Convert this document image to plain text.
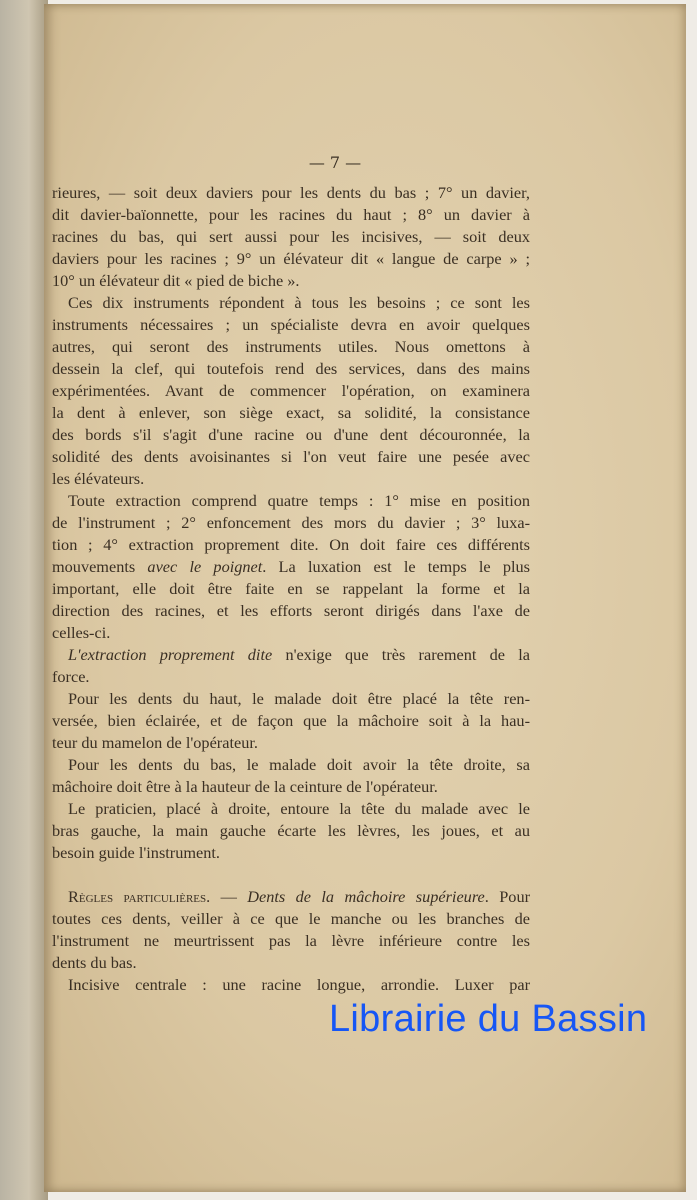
— 7 —
rieures, — soit deux daviers pour les dents du bas ; 7° un davier,
dit davier-baïonnette, pour les racines du haut ; 8° un davier à
racines du bas, qui sert aussi pour les incisives, — soit deux
daviers pour les racines ; 9° un élévateur dit « langue de carpe » ;
10° un élévateur dit « pied de biche ».
Ces dix instruments répondent à tous les besoins ; ce sont les
instruments nécessaires ; un spécialiste devra en avoir quelques
autres, qui seront des instruments utiles. Nous omettons à
dessein la clef, qui toutefois rend des services, dans des mains
expérimentées. Avant de commencer l'opération, on examinera
la dent à enlever, son siège exact, sa solidité, la consistance
des bords s'il s'agit d'une racine ou d'une dent découronnée, la
solidité des dents avoisinantes si l'on veut faire une pesée avec
les élévateurs.
Toute extraction comprend quatre temps : 1° mise en position
de l'instrument ; 2° enfoncement des mors du davier ; 3° luxa-
tion ; 4° extraction proprement dite. On doit faire ces différents
mouvements avec le poignet. La luxation est le temps le plus
important, elle doit être faite en se rappelant la forme et la
direction des racines, et les efforts seront dirigés dans l'axe de
celles-ci.
L'extraction proprement dite n'exige que très rarement de la
force.
Pour les dents du haut, le malade doit être placé la tête ren-
versée, bien éclairée, et de façon que la mâchoire soit à la hau-
teur du mamelon de l'opérateur.
Pour les dents du bas, le malade doit avoir la tête droite, sa
mâchoire doit être à la hauteur de la ceinture de l'opérateur.
Le praticien, placé à droite, entoure la tête du malade avec le
bras gauche, la main gauche écarte les lèvres, les joues, et au
besoin guide l'instrument.
Règles particulières. — Dents de la mâchoire supérieure. Pour
toutes ces dents, veiller à ce que le manche ou les branches de
l'instrument ne meurtrissent pas la lèvre inférieure contre les
dents du bas.
Incisive centrale : une racine longue, arrondie. Luxer par
Librairie du Bassin
